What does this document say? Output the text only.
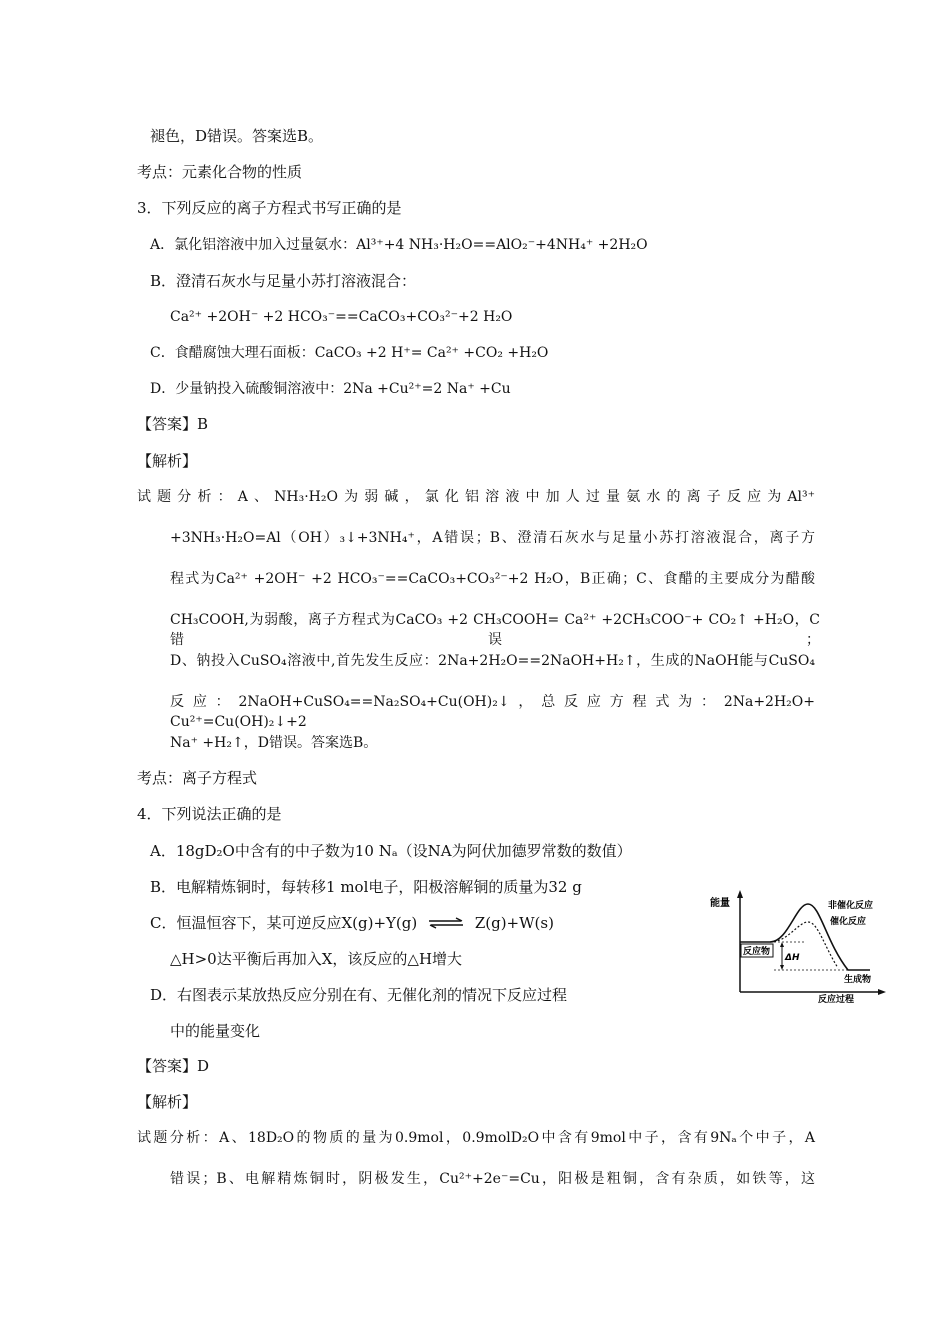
褪色，D错误。答案选B。
考点：元素化合物的性质
3．下列反应的离子方程式书写正确的是
A．氯化铝溶液中加入过量氨水：Al³⁺+4 NH₃·H₂O==AlO₂⁻+4NH₄⁺ +2H₂O
B．澄清石灰水与足量小苏打溶液混合：
Ca²⁺ +2OH⁻ +2 HCO₃⁻==CaCO₃+CO₃²⁻+2 H₂O
C．食醋腐蚀大理石面板：CaCO₃ +2 H⁺= Ca²⁺ +CO₂ +H₂O
D．少量钠投入硫酸铜溶液中：2Na +Cu²⁺=2 Na⁺ +Cu
【答案】B
【解析】
试题分析：A、NH₃·H₂O为弱碱，氯化铝溶液中加人过量氨水的离子反应为Al³⁺
+3NH₃·H₂O=Al（OH）₃↓+3NH₄⁺，A错误；B、澄清石灰水与足量小苏打溶液混合，离子方
程式为Ca²⁺ +2OH⁻ +2 HCO₃⁻==CaCO₃+CO₃²⁻+2 H₂O，B正确；C、食醋的主要成分为醋酸
CH₃COOH,为弱酸，离子方程式为CaCO₃ +2 CH₃COOH= Ca²⁺ +2CH₃COO⁻+ CO₂↑ +H₂O，C错误；
D、钠投入CuSO₄溶液中,首先发生反应：2Na+2H₂O==2NaOH+H₂↑，生成的NaOH能与CuSO₄
反应：2NaOH+CuSO₄==Na₂SO₄+Cu(OH)₂↓，总反应方程式为：2Na+2H₂O+ Cu²⁺=Cu(OH)₂↓+2
Na⁺ +H₂↑，D错误。答案选B。
考点：离子方程式
4．下列说法正确的是
A．18gD₂O中含有的中子数为10 Nₐ（设NA为阿伏加德罗常数的数值）
B．电解精炼铜时，每转移1 mol电子，阳极溶解铜的质量为32 g
C．恒温恒容下，某可逆反应X(g)+Y(g) ⇌ Z(g)+W(s)
△H>0达平衡后再加入X，该反应的△H增大
D．右图表示某放热反应分别在有、无催化剂的情况下反应过程
中的能量变化
【答案】D
【解析】
试题分析：A、18D₂O的物质的量为0.9mol，0.9molD₂O中含有9mol中子，含有9Nₐ个中子，A
错误；B、电解精炼铜时，阴极发生，Cu²⁺+2e⁻=Cu，阳极是粗铜，含有杂质，如铁等，这
能量
反应过程
ΔH
反应物
生成物
非催化反应
催化反应
